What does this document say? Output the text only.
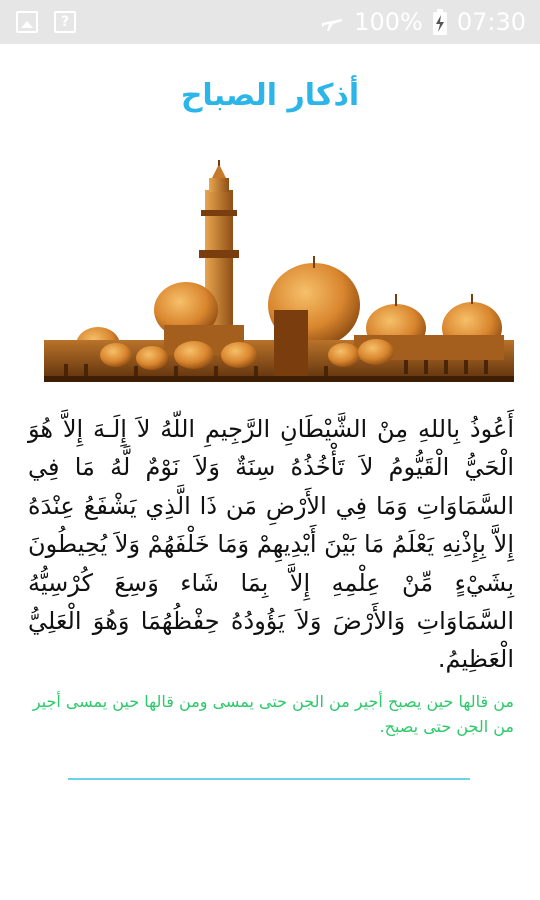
?	100% 07:30
أذكار الصباح
أَعُوذُ بِاللهِ مِنْ الشَّيْطَانِ الرَّجِيمِ اللّهُ لاَ إِلَـهَ إِلاَّ هُوَ الْحَيُّ الْقَيُّومُ لاَ تَأْخُذُهُ سِنَةٌ وَلاَ نَوْمٌ لَّهُ مَا فِي السَّمَاوَاتِ وَمَا فِي الأَرْضِ مَن ذَا الَّذِي يَشْفَعُ عِنْدَهُ إِلاَّ بِإِذْنِهِ يَعْلَمُ مَا بَيْنَ أَيْدِيهِمْ وَمَا خَلْفَهُمْ وَلاَ يُحِيطُونَ بِشَيْءٍ مِّنْ عِلْمِهِ إِلاَّ بِمَا شَاء وَسِعَ كُرْسِيُّهُ السَّمَاوَاتِ وَالأَرْضَ وَلاَ يَؤُودُهُ حِفْظُهُمَا وَهُوَ الْعَلِيُّ الْعَظِيمُ.
من قالها حين يصبح أجير من الجن حتى يمسى ومن قالها حين يمسى أجير من الجن حتى يصبح.
